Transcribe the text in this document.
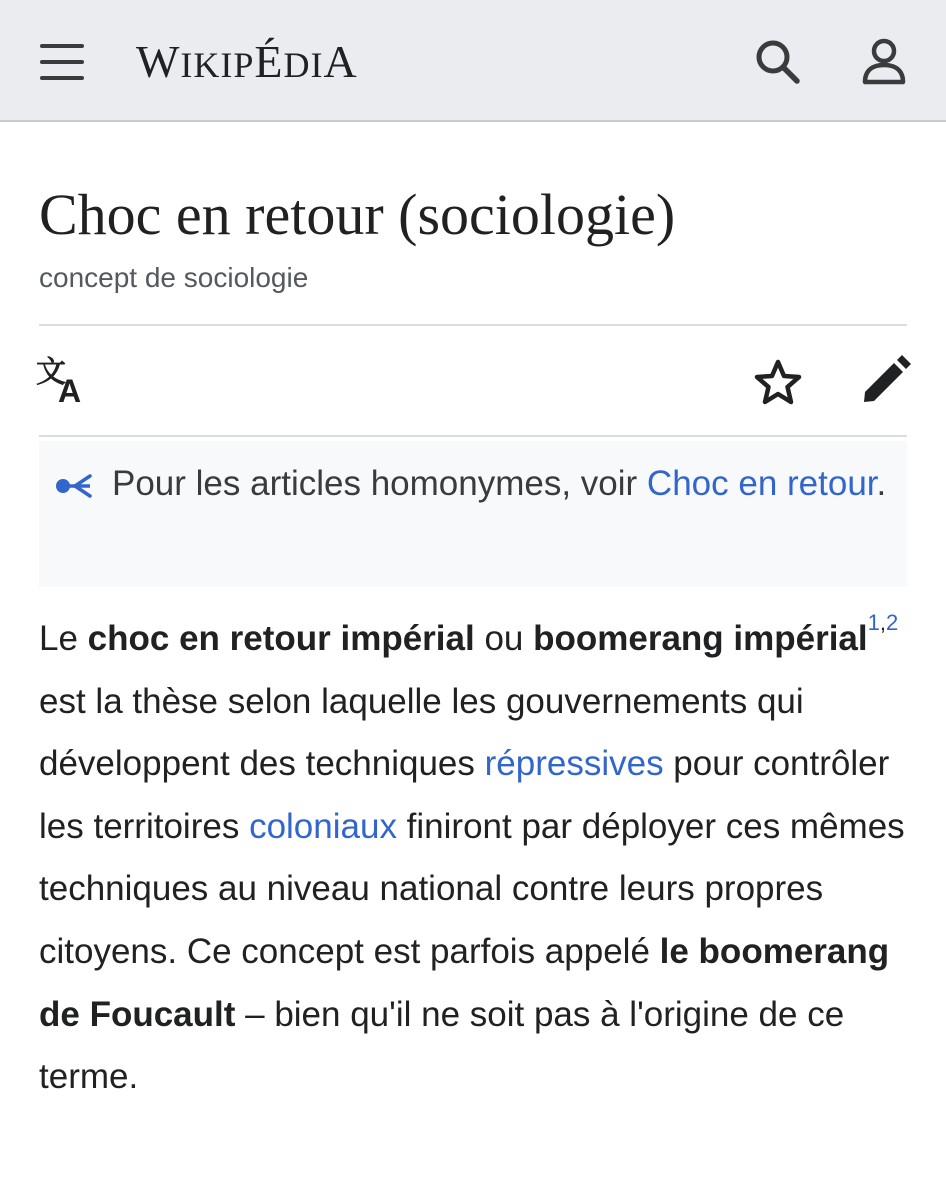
WIKIPÉDIA
Choc en retour (sociologie)
concept de sociologie
文
A
Pour les articles homonymes, voir Choc en retour.

Le choc en retour impérial ou boomerang impérial$^{1,2}$ est la thèse selon laquelle les gouvernements qui développent des techniques répressives pour contrôler les territoires coloniaux finiront par déployer ces mêmes techniques au niveau national contre leurs propres citoyens. Ce concept est parfois appelé le boomerang de Foucault – bien qu'il ne soit pas à l'origine de ce terme.
